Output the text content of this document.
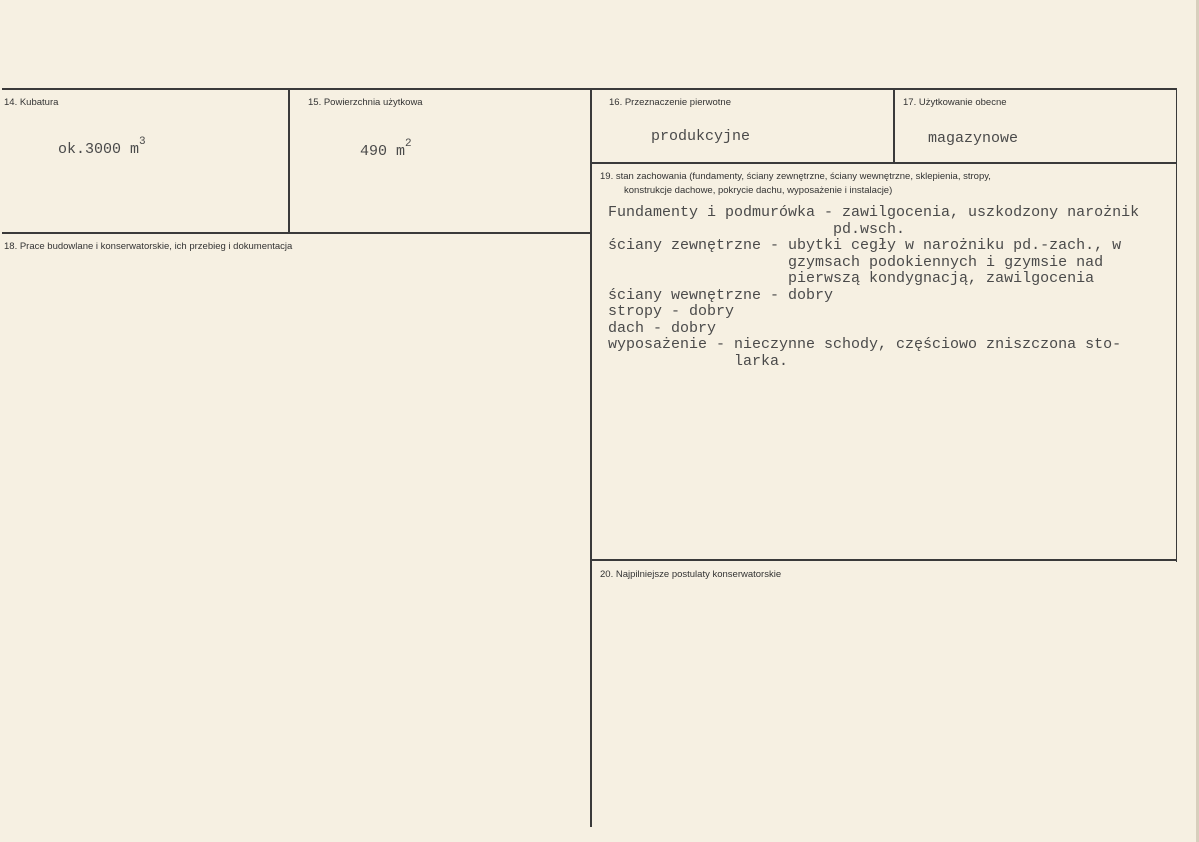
14. Kubatura
ok.3000 $m^3$
15. Powierzchnia użytkowa
490 $m^2$
16. Przeznaczenie pierwotne
produkcyjne
17. Użytkowanie obecne
magazynowe
18. Prace budowlane i konserwatorskie, ich przebieg i dokumentacja
19. stan zachowania (fundamenty, ściany zewnętrzne, ściany wewnętrzne, sklepienia, stropy,
konstrukcje dachowe, pokrycie dachu, wyposażenie i instalacje)
Fundamenty i podmurówka - zawilgocenia, uszkodzony narożnik
pd.wsch.
ściany zewnętrzne - ubytki cegły w narożniku pd.-zach., w
gzymsach podokiennych i gzymsie nad
pierwszą kondygnacją, zawilgocenia
ściany wewnętrzne - dobry
stropy - dobry
dach - dobry
wyposażenie - nieczynne schody, częściowo zniszczona sto-
larka.
20. Najpilniejsze postulaty konserwatorskie
